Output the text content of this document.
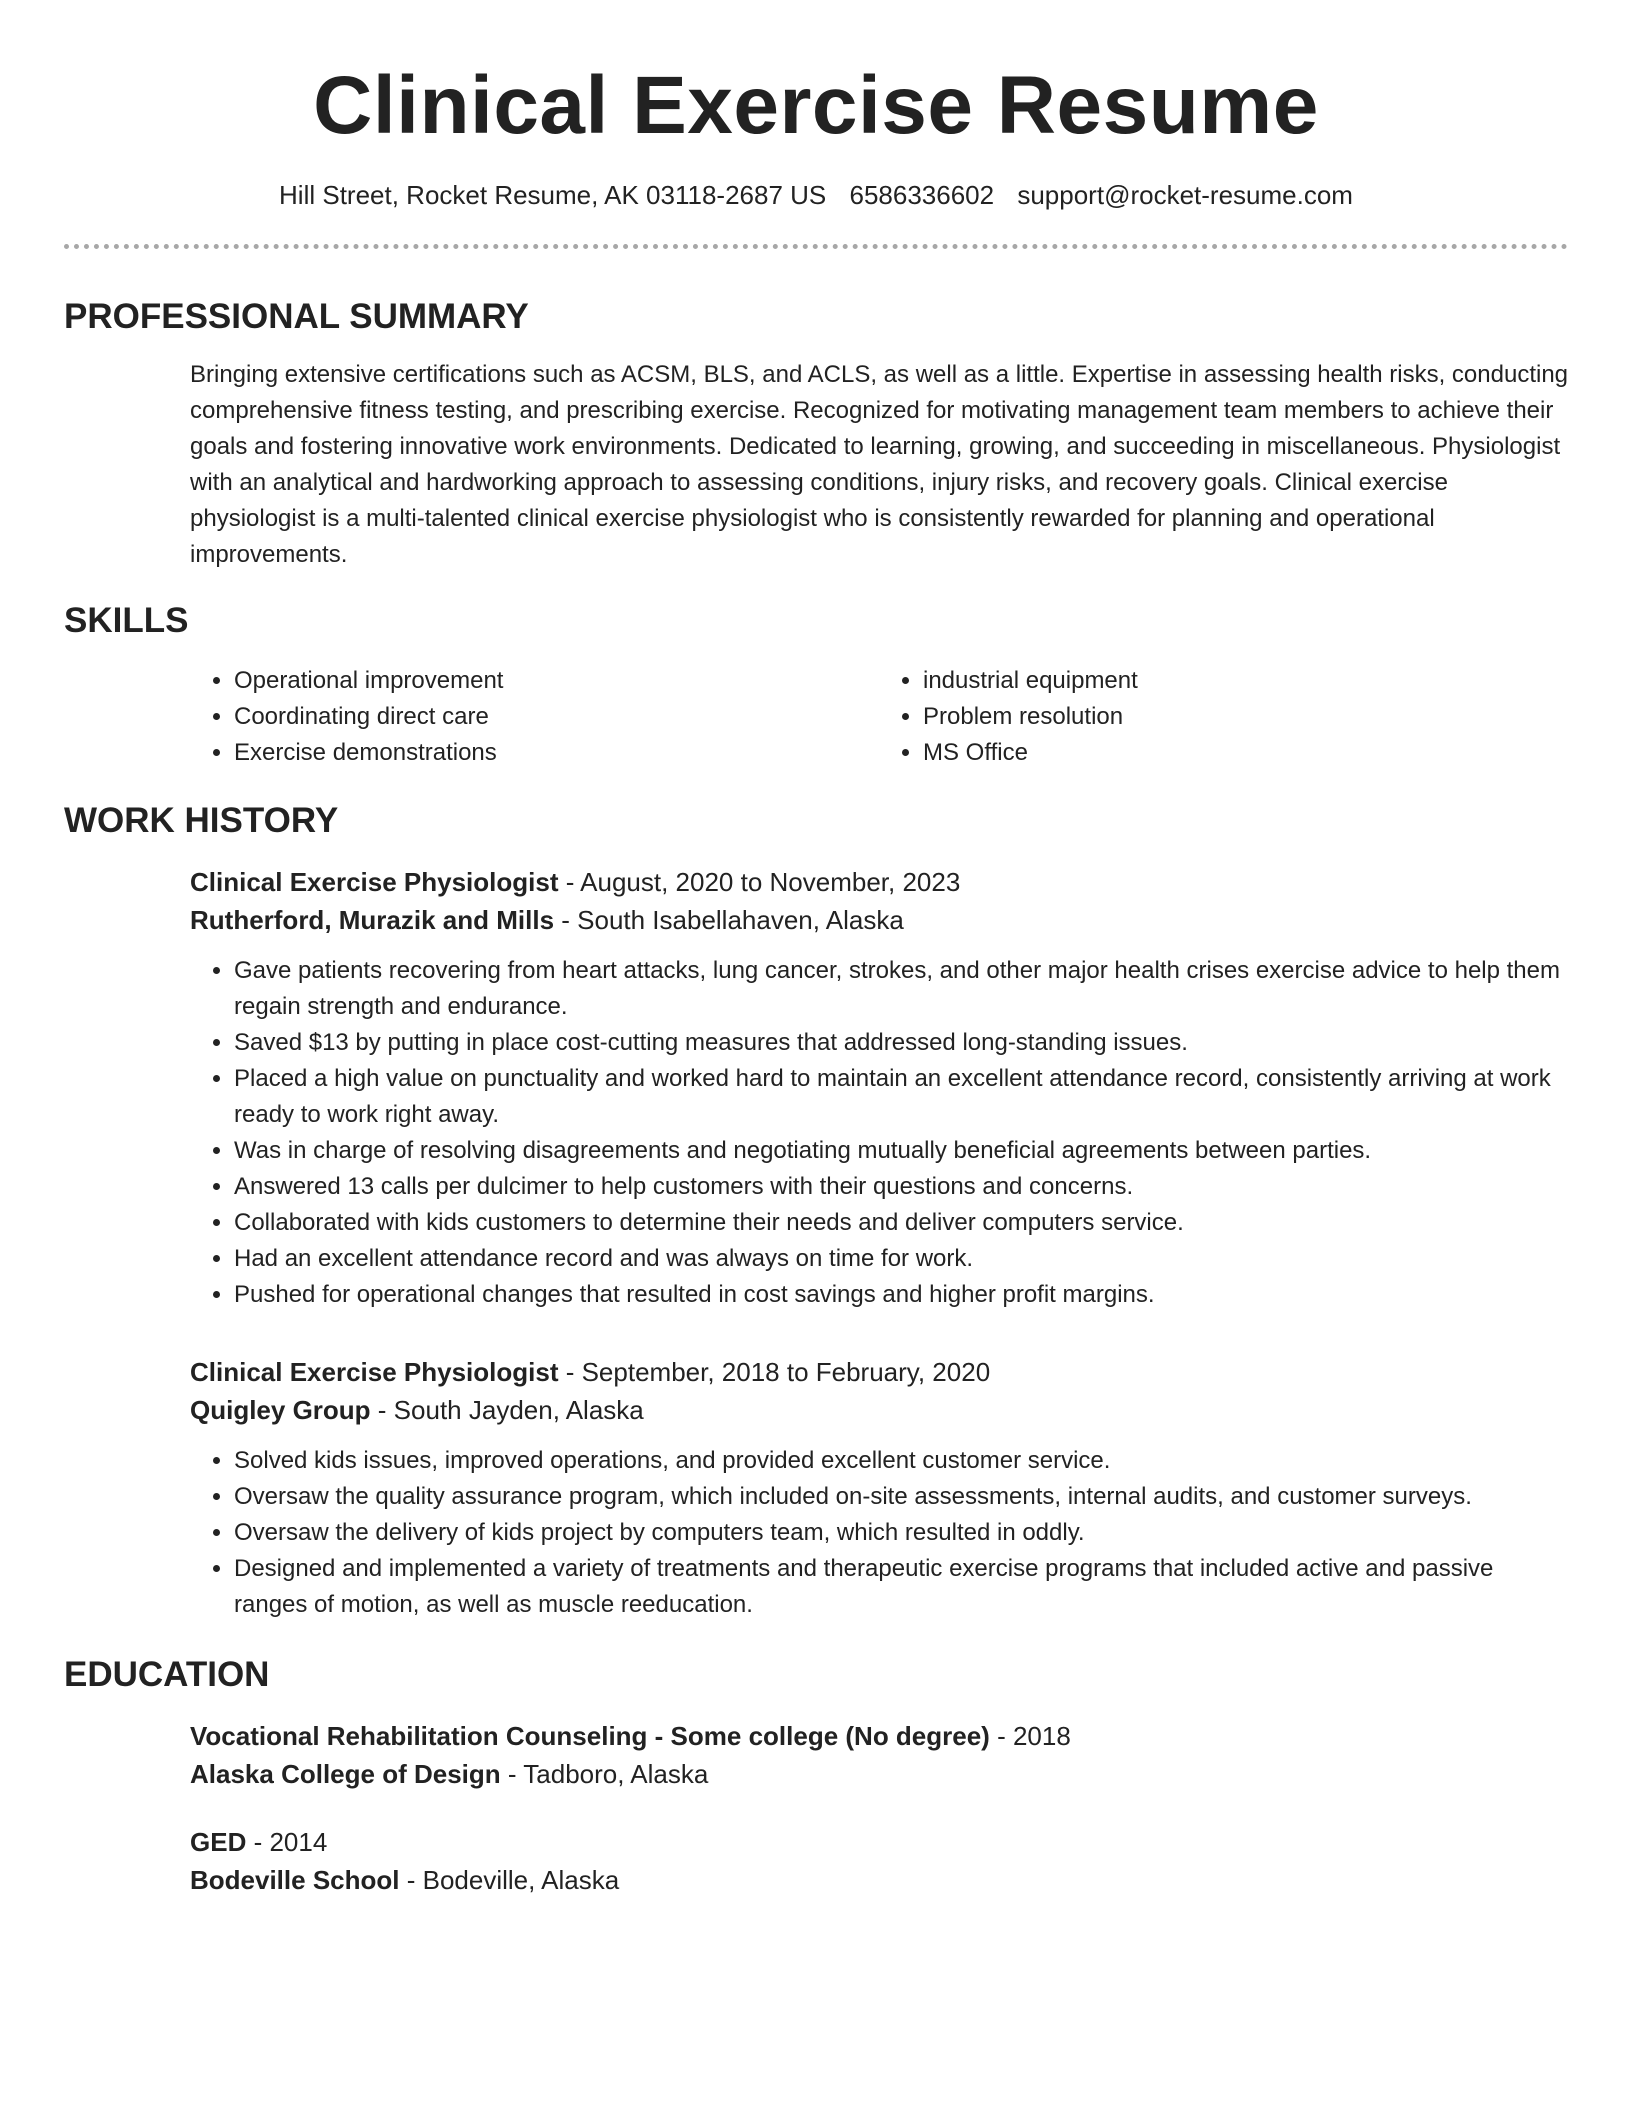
Clinical Exercise Resume
Hill Street, Rocket Resume, AK 03118-2687 US 6586336602 support@rocket-resume.com
PROFESSIONAL SUMMARY

Bringing extensive certifications such as ACSM, BLS, and ACLS, as well as a little. Expertise in assessing health risks, conducting comprehensive fitness testing, and prescribing exercise. Recognized for motivating management team members to achieve their goals and fostering innovative work environments. Dedicated to learning, growing, and succeeding in miscellaneous. Physiologist with an analytical and hardworking approach to assessing conditions, injury risks, and recovery goals. Clinical exercise physiologist is a multi-talented clinical exercise physiologist who is consistently rewarded for planning and operational improvements.

SKILLS
• Operational improvement
• Coordinating direct care
• Exercise demonstrations
• industrial equipment
• Problem resolution
• MS Office
WORK HISTORY
Clinical Exercise Physiologist - August, 2020 to November, 2023
Rutherford, Murazik and Mills - South Isabellahaven, Alaska
• Gave patients recovering from heart attacks, lung cancer, strokes, and other major health crises exercise advice to help them regain strength and endurance.
• Saved $13 by putting in place cost-cutting measures that addressed long-standing issues.
• Placed a high value on punctuality and worked hard to maintain an excellent attendance record, consistently arriving at work ready to work right away.
• Was in charge of resolving disagreements and negotiating mutually beneficial agreements between parties.
• Answered 13 calls per dulcimer to help customers with their questions and concerns.
• Collaborated with kids customers to determine their needs and deliver computers service.
• Had an excellent attendance record and was always on time for work.
• Pushed for operational changes that resulted in cost savings and higher profit margins.
Clinical Exercise Physiologist - September, 2018 to February, 2020
Quigley Group - South Jayden, Alaska
• Solved kids issues, improved operations, and provided excellent customer service.
• Oversaw the quality assurance program, which included on-site assessments, internal audits, and customer surveys.
• Oversaw the delivery of kids project by computers team, which resulted in oddly.
• Designed and implemented a variety of treatments and therapeutic exercise programs that included active and passive ranges of motion, as well as muscle reeducation.
EDUCATION
Vocational Rehabilitation Counseling - Some college (No degree) - 2018
Alaska College of Design - Tadboro, Alaska
GED - 2014
Bodeville School - Bodeville, Alaska
